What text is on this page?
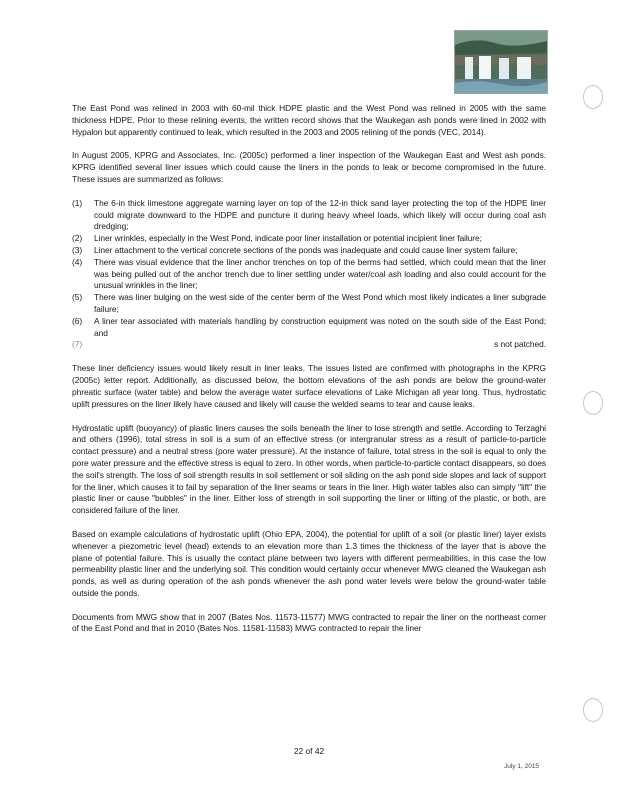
The East Pond was relined in 2003 with 60-mil thick HDPE plastic and the West Pond was relined in 2005 with the same thickness HDPE. Prior to these relining events, the written record shows that the Waukegan ash ponds were lined in 2002 with Hypalon but apparently continued to leak, which resulted in the 2003 and 2005 relining of the ponds (VEC, 2014).

In August 2005, KPRG and Associates, Inc. (2005c) performed a liner inspection of the Waukegan East and West ash ponds. KPRG identified several liner issues which could cause the liners in the ponds to leak or become compromised in the future. These issues are summarized as follows:

(1) The 6-in thick limestone aggregate warning layer on top of the 12-in thick sand layer protecting the top of the HDPE liner could migrate downward to the HDPE and puncture it during heavy wheel loads, which likely will occur during coal ash dredging;
(2) Liner wrinkles, especially in the West Pond, indicate poor liner installation or potential incipient liner failure;
(3) Liner attachment to the vertical concrete sections of the ponds was inadequate and could cause liner system failure;
(4) There was visual evidence that the liner anchor trenches on top of the berms had settled, which could mean that the liner was being pulled out of the anchor trench due to liner settling under water/coal ash loading and also could account for the unusual wrinkles in the liner;
(5) There was liner bulging on the west side of the center berm of the West Pond which most likely indicates a liner subgrade failure;
(6) A liner tear associated with materials handling by construction equipment was noted on the south side of the East Pond; and
(7)	s not patched.

These liner deficiency issues would likely result in liner leaks. The issues listed are confirmed with photographs in the KPRG (2005c) letter report. Additionally, as discussed below, the bottom elevations of the ash ponds are below the ground-water phreatic surface (water table) and below the average water surface elevations of Lake Michigan all year long. Thus, hydrostatic uplift pressures on the liner likely have caused and likely will cause the welded seams to tear and cause leaks.

Hydrostatic uplift (buoyancy) of plastic liners causes the soils beneath the liner to lose strength and settle. According to Terzaghi and others (1996), total stress in soil is a sum of an effective stress (or intergranular stress as a result of particle-to-particle contact pressure) and a neutral stress (pore water pressure). At the instance of failure, total stress in the soil is equal to only the pore water pressure and the effective stress is equal to zero. In other words, when particle-to-particle contact disappears, so does the soil's strength. The loss of soil strength results in soil settlement or soil sliding on the ash pond side slopes and lack of support for the liner, which causes it to fail by separation of the liner seams or tears in the liner. High water tables also can simply "lift" the plastic liner or cause "bubbles" in the liner. Either loss of strength in soil supporting the liner or lifting of the plastic, or both, are considered failure of the liner.

Based on example calculations of hydrostatic uplift (Ohio EPA, 2004), the potential for uplift of a soil (or plastic liner) layer exists whenever a piezometric level (head) extends to an elevation more than 1.3 times the thickness of the layer that is above the plane of potential failure. This is usually the contact plane between two layers with different permeabilities, in this case the low permeability plastic liner and the underlying soil. This condition would certainly occur whenever MWG cleaned the Waukegan ash ponds, as well as during operation of the ash ponds whenever the ash pond water levels were below the ground-water table outside the ponds.

Documents from MWG show that in 2007 (Bates Nos. 11573-11577) MWG contracted to repair the liner on the northeast corner of the East Pond and that in 2010 (Bates Nos. 11581-11583) MWG contracted to repair the liner

22 of 42
July 1, 2015
